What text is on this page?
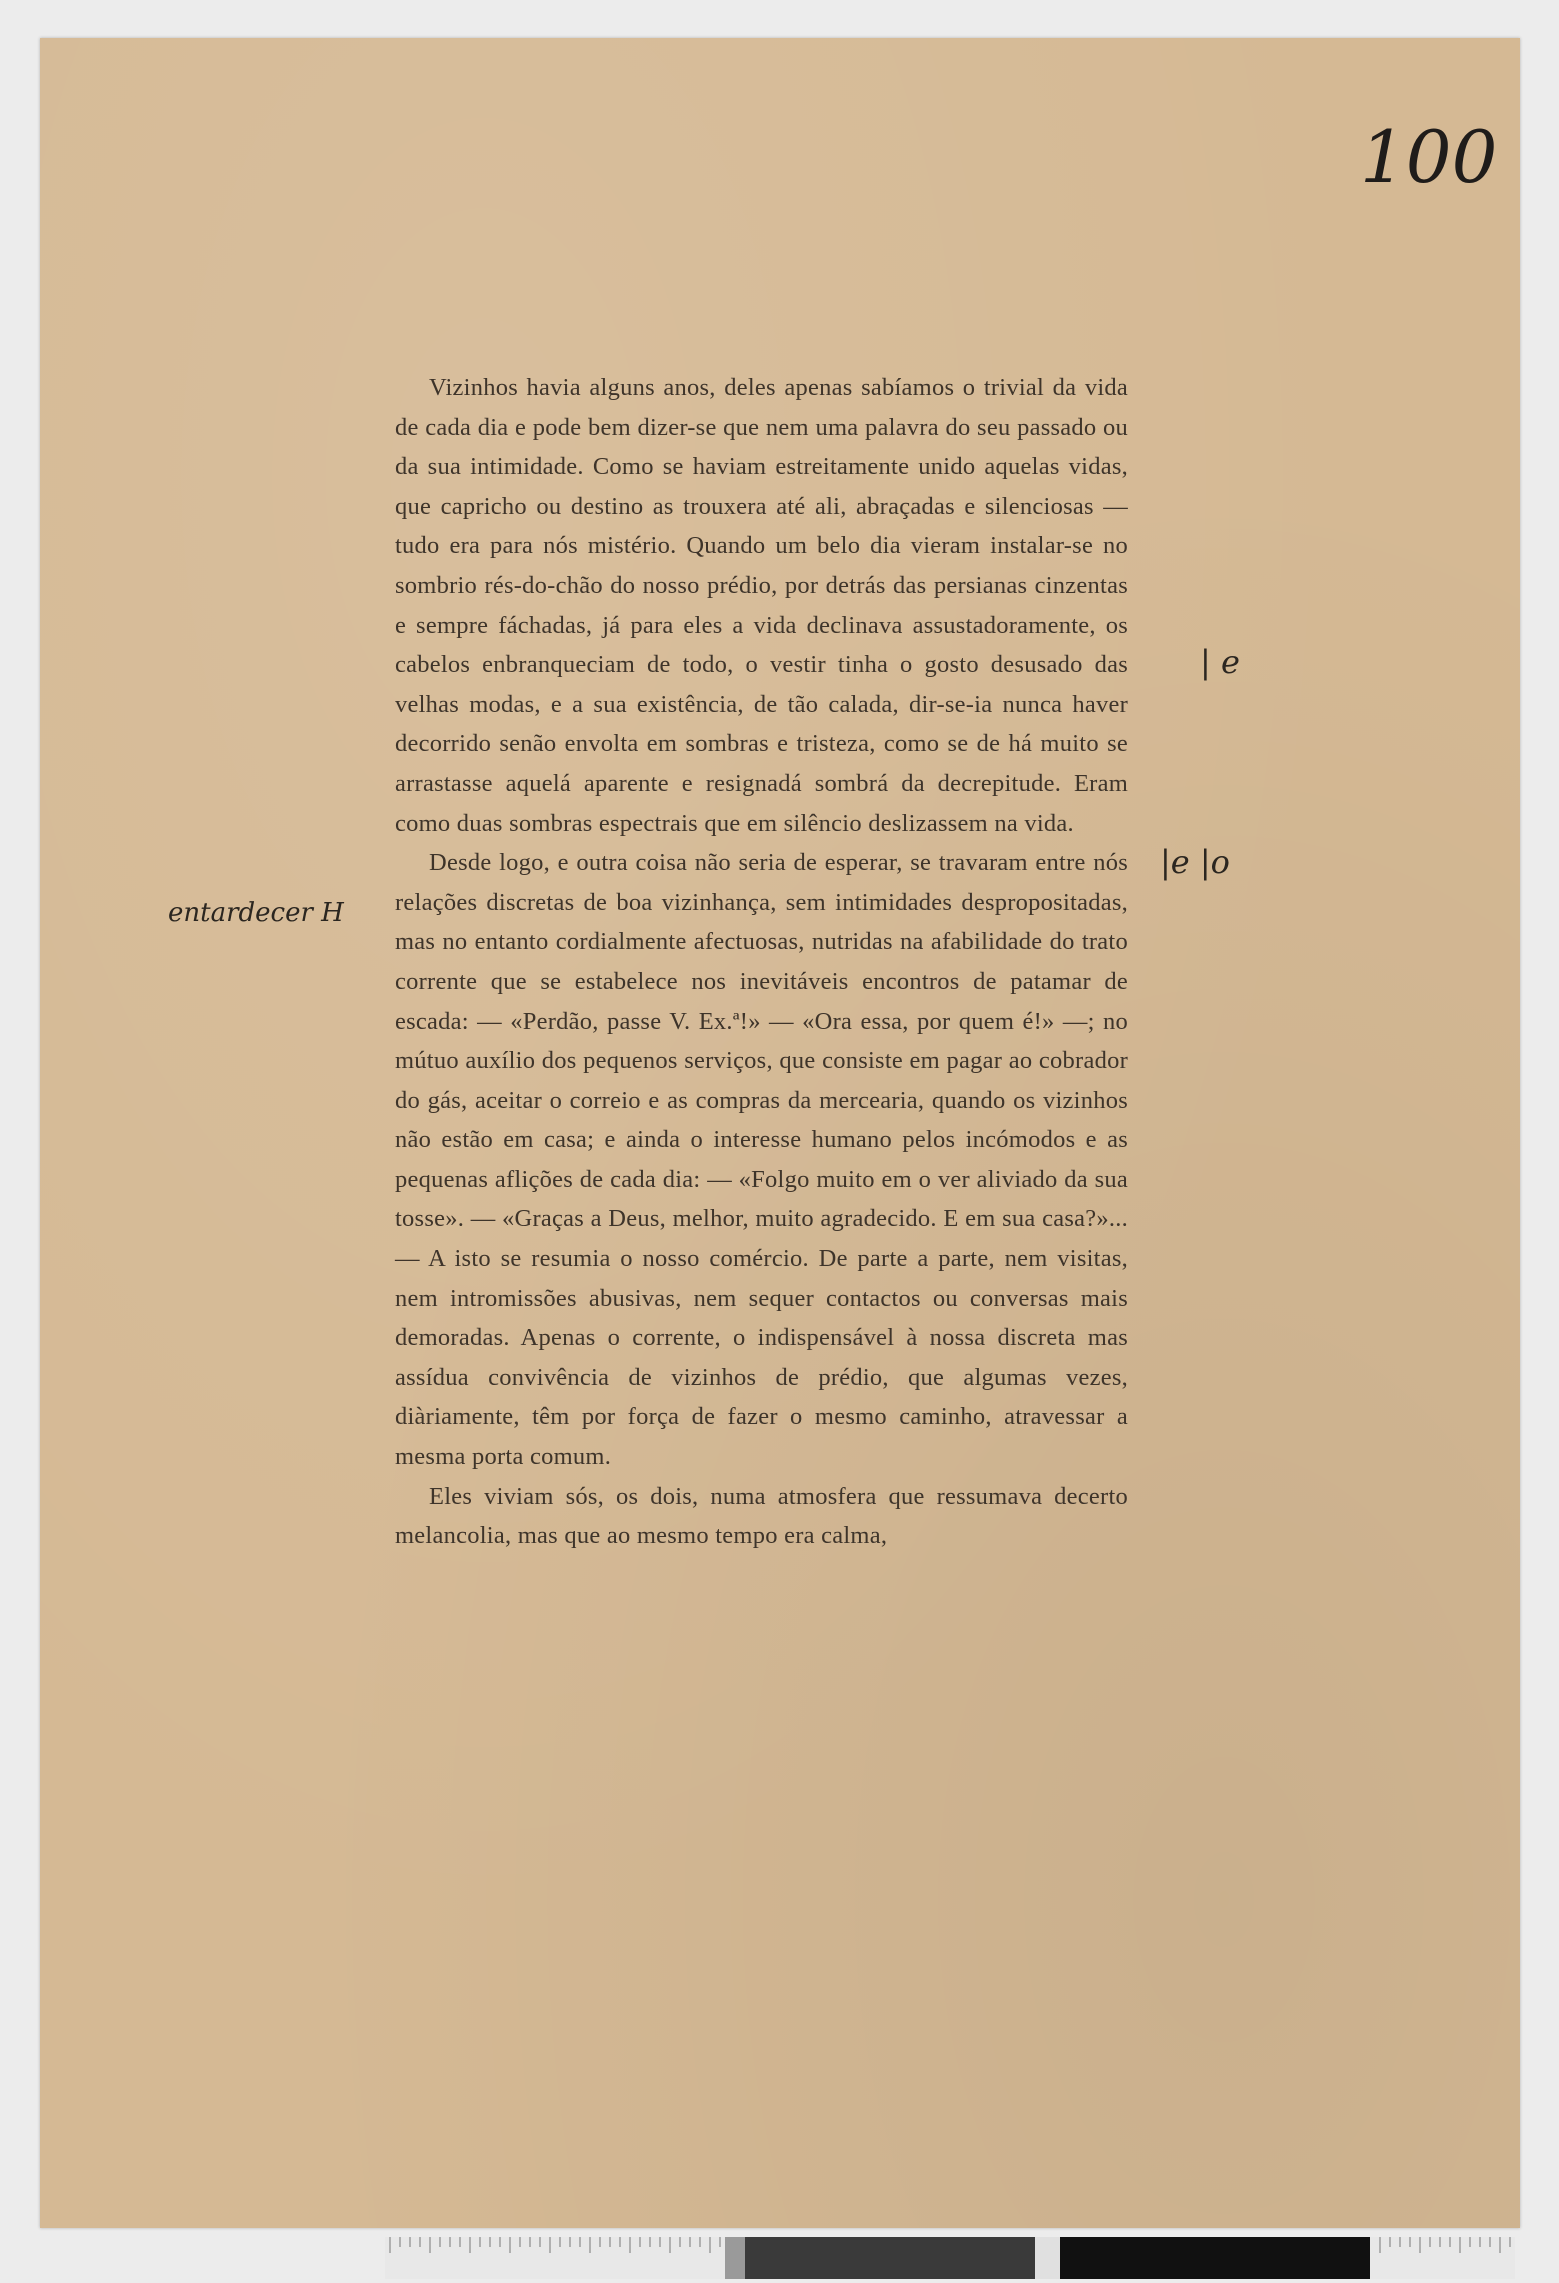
100

Vizinhos havia alguns anos, deles apenas sabíamos o trivial da vida de cada dia e pode bem dizer-se que nem uma palavra do seu passado ou da sua intimidade. Como se haviam estreitamente unido aquelas vidas, que capricho ou destino as trouxera até ali, abraçadas e silenciosas — tudo era para nós mistério. Quando um belo dia vieram instalar-se no sombrio rés-do-chão do nosso prédio, por detrás das persianas cinzentas e sempre fáchadas, já para eles a vida declinava assustadoramente, os cabelos enbranqueciam de todo, o vestir tinha o gosto desusado das velhas modas, e a sua existência, de tão calada, dir-se-ia nunca haver decorrido senão envolta em sombras e tristeza, como se de há muito se arrastasse aquelá aparente e resignadá sombrá da decrepitude. Eram como duas sombras espectrais que em silêncio deslizassem na vida.

Desde logo, e outra coisa não seria de esperar, se travaram entre nós relações discretas de boa vizinhança, sem intimidades despropositadas, mas no entanto cordialmente afectuosas, nutridas na afabilidade do trato corrente que se estabelece nos inevitáveis encontros de patamar de escada: — «Perdão, passe V. Ex.ª!» — «Ora essa, por quem é!» —; no mútuo auxílio dos pequenos serviços, que consiste em pagar ao cobrador do gás, aceitar o correio e as compras da mercearia, quando os vizinhos não estão em casa; e ainda o interesse humano pelos incómodos e as pequenas aflições de cada dia: — «Folgo muito em o ver aliviado da sua tosse». — «Graças a Deus, melhor, muito agradecido. E em sua casa?»... — A isto se resumia o nosso comércio. De parte a parte, nem visitas, nem intromissões abusivas, nem sequer contactos ou conversas mais demoradas. Apenas o corrente, o indispensável à nossa discreta mas assídua convivência de vizinhos de prédio, que algumas vezes, diàriamente, têm por força de fazer o mesmo caminho, atravessar a mesma porta comum.

Eles viviam sós, os dois, numa atmosfera que ressumava decerto melancolia, mas que ao mesmo tempo era calma,

entardecer H
| e
|e |o
